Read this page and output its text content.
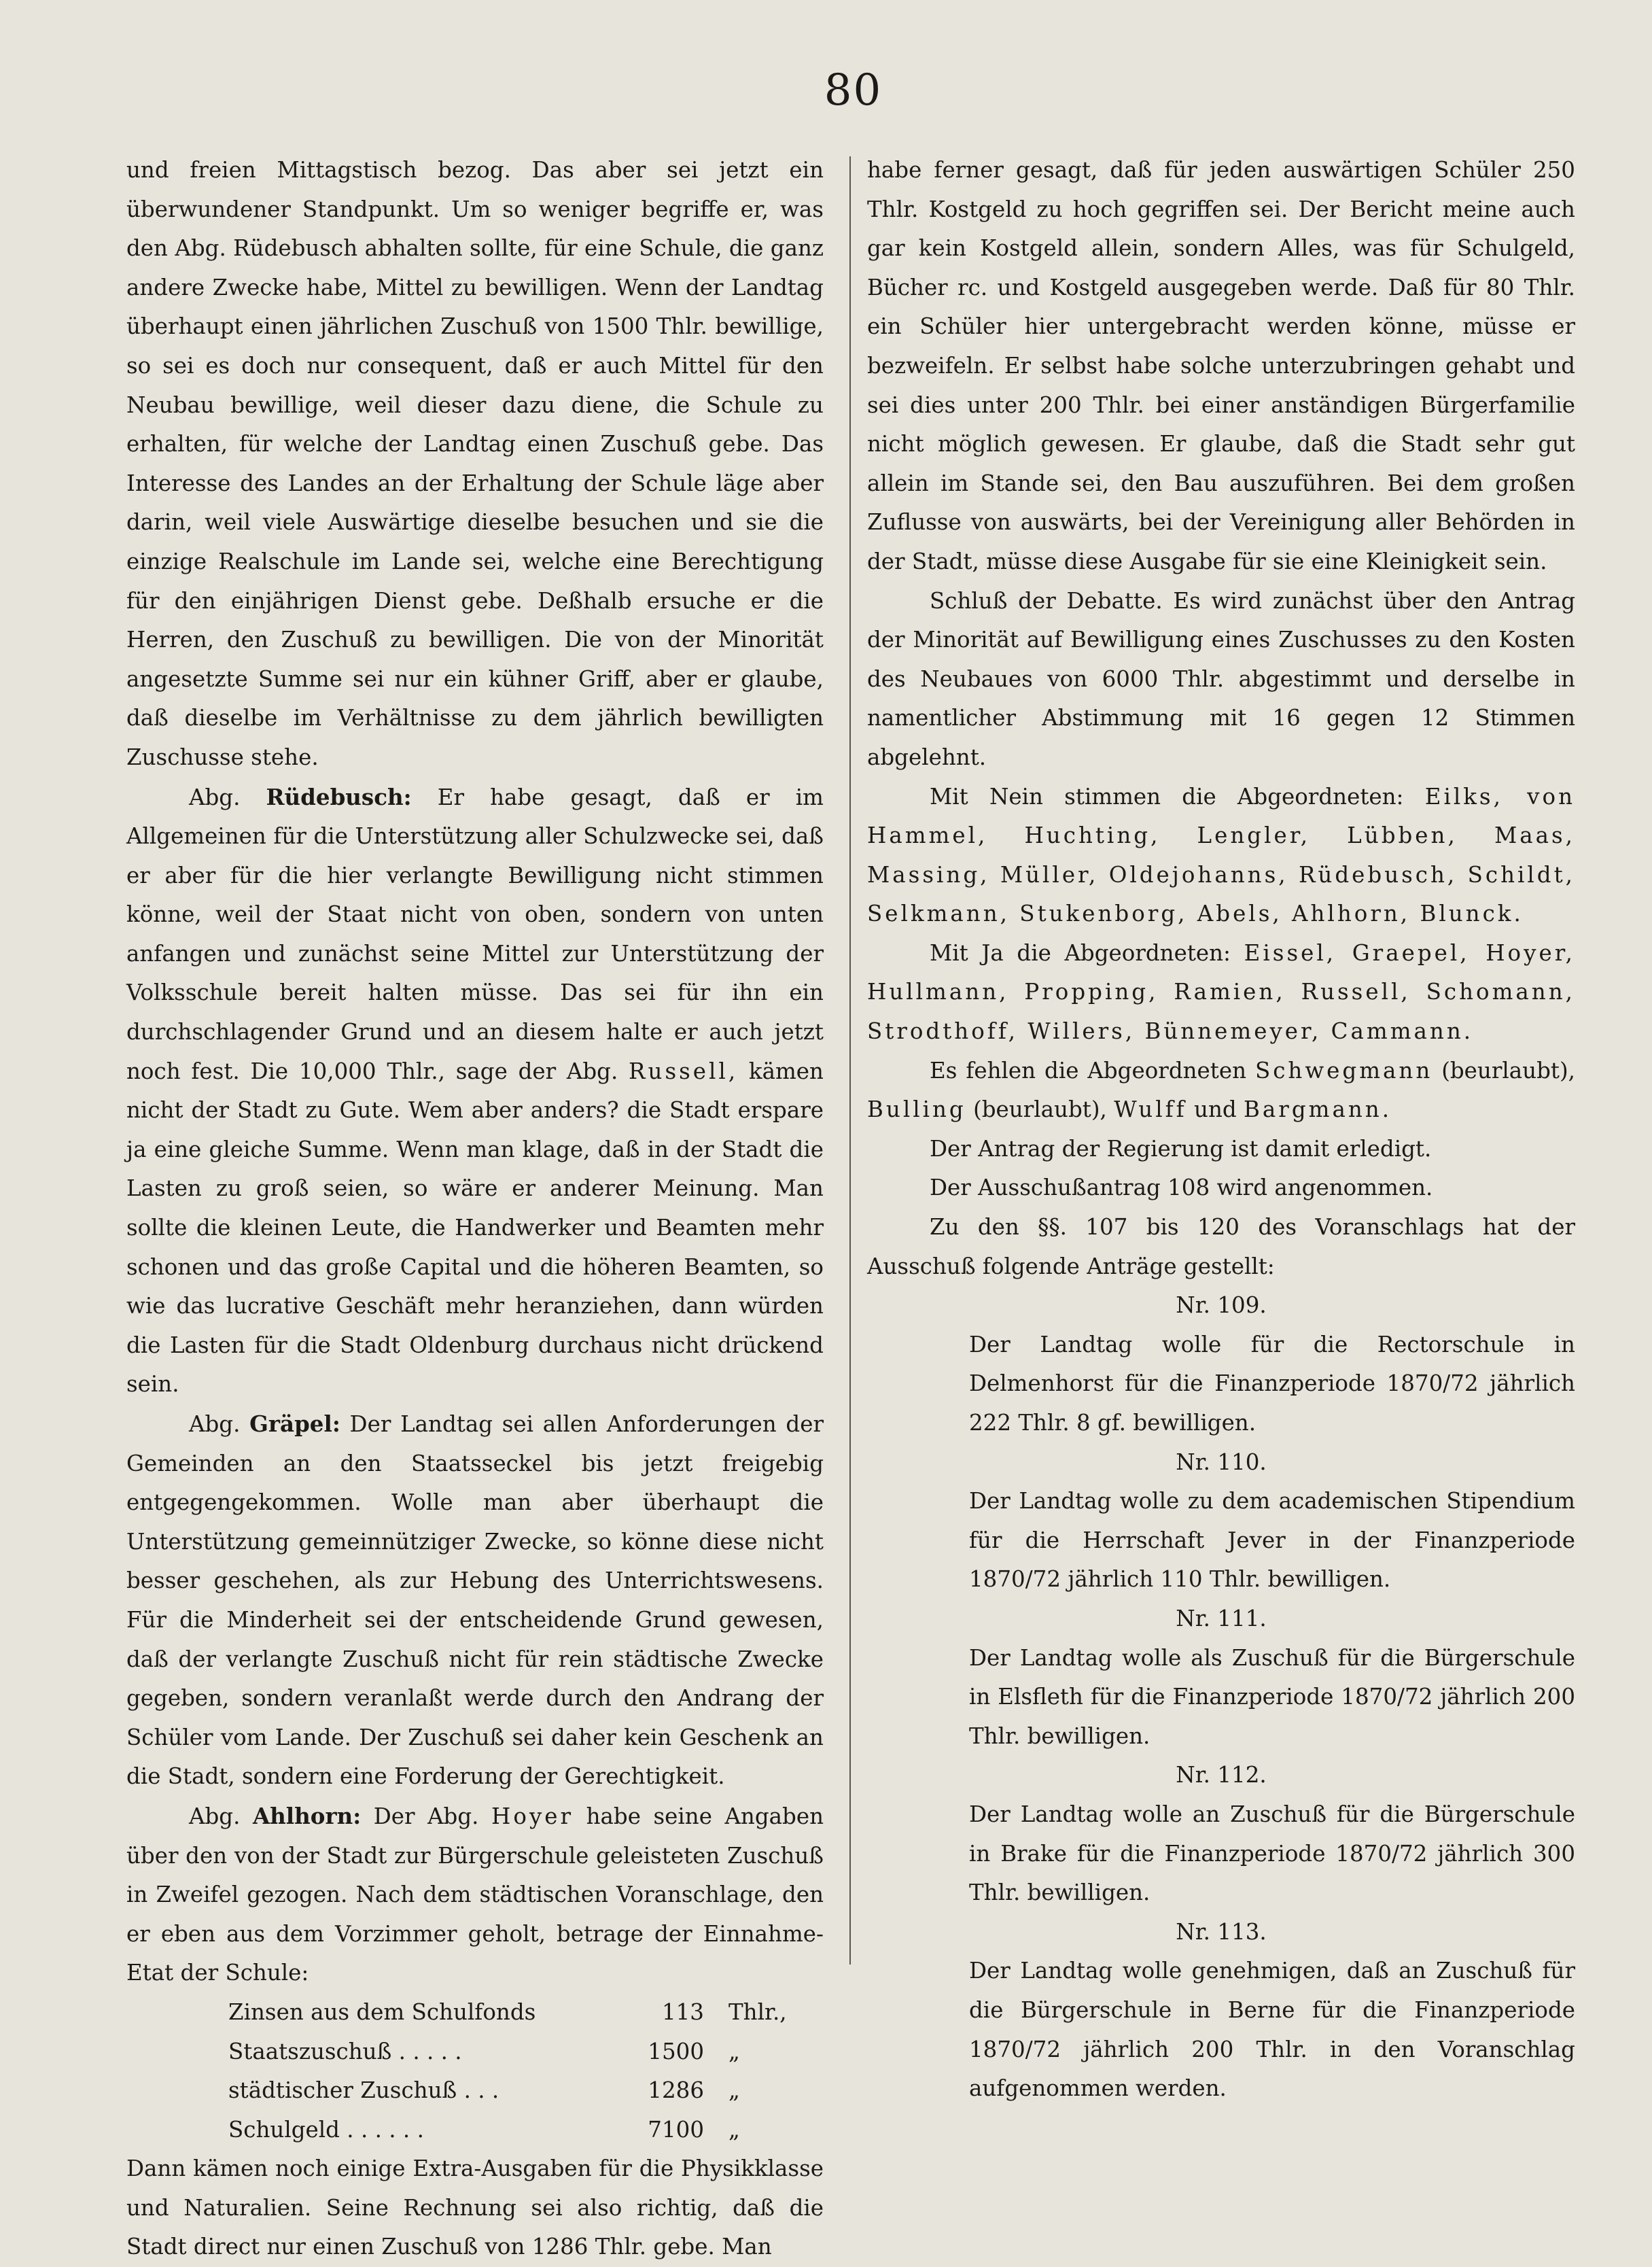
80

und freien Mittagstisch bezog. Das aber sei jetzt ein überwundener Standpunkt. Um so weniger begriffe er, was den Abg. Rüdebusch abhalten sollte, für eine Schule, die ganz andere Zwecke habe, Mittel zu bewilligen. Wenn der Landtag überhaupt einen jährlichen Zuschuß von 1500 Thlr. bewillige, so sei es doch nur consequent, daß er auch Mittel für den Neubau bewillige, weil dieser dazu diene, die Schule zu erhalten, für welche der Landtag einen Zuschuß gebe. Das Interesse des Landes an der Erhaltung der Schule läge aber darin, weil viele Auswärtige dieselbe besuchen und sie die einzige Realschule im Lande sei, welche eine Berechtigung für den einjährigen Dienst gebe. Deßhalb ersuche er die Herren, den Zuschuß zu bewilligen. Die von der Minorität angesetzte Summe sei nur ein kühner Griff, aber er glaube, daß dieselbe im Verhältnisse zu dem jährlich bewilligten Zuschusse stehe.

Abg. Rüdebusch: Er habe gesagt, daß er im Allgemeinen für die Unterstützung aller Schulzwecke sei, daß er aber für die hier verlangte Bewilligung nicht stimmen könne, weil der Staat nicht von oben, sondern von unten anfangen und zunächst seine Mittel zur Unterstützung der Volksschule bereit halten müsse. Das sei für ihn ein durchschlagender Grund und an diesem halte er auch jetzt noch fest. Die 10,000 Thlr., sage der Abg. Russell, kämen nicht der Stadt zu Gute. Wem aber anders? die Stadt erspare ja eine gleiche Summe. Wenn man klage, daß in der Stadt die Lasten zu groß seien, so wäre er anderer Meinung. Man sollte die kleinen Leute, die Handwerker und Beamten mehr schonen und das große Capital und die höheren Beamten, so wie das lucrative Geschäft mehr heranziehen, dann würden die Lasten für die Stadt Oldenburg durchaus nicht drückend sein.

Abg. Gräpel: Der Landtag sei allen Anforderungen der Gemeinden an den Staatsseckel bis jetzt freigebig entgegengekommen. Wolle man aber überhaupt die Unterstützung gemeinnütziger Zwecke, so könne diese nicht besser geschehen, als zur Hebung des Unterrichtswesens. Für die Minderheit sei der entscheidende Grund gewesen, daß der verlangte Zuschuß nicht für rein städtische Zwecke gegeben, sondern veranlaßt werde durch den Andrang der Schüler vom Lande. Der Zuschuß sei daher kein Geschenk an die Stadt, sondern eine Forderung der Gerechtigkeit.

Abg. Ahlhorn: Der Abg. Hoyer habe seine Angaben über den von der Stadt zur Bürgerschule geleisteten Zuschuß in Zweifel gezogen. Nach dem städtischen Voranschlage, den er eben aus dem Vorzimmer geholt, betrage der Einnahme-Etat der Schule:

Zinsen aus dem Schulfonds	113	Thlr.,
Staatszuschuß . . . . .	1500	„
städtischer Zuschuß . . .	1286	„
Schulgeld . . . . . .	7100	„

Dann kämen noch einige Extra-Ausgaben für die Physikklasse und Naturalien. Seine Rechnung sei also richtig, daß die Stadt direct nur einen Zuschuß von 1286 Thlr. gebe. Man

habe ferner gesagt, daß für jeden auswärtigen Schüler 250 Thlr. Kostgeld zu hoch gegriffen sei. Der Bericht meine auch gar kein Kostgeld allein, sondern Alles, was für Schulgeld, Bücher rc. und Kostgeld ausgegeben werde. Daß für 80 Thlr. ein Schüler hier untergebracht werden könne, müsse er bezweifeln. Er selbst habe solche unterzubringen gehabt und sei dies unter 200 Thlr. bei einer anständigen Bürgerfamilie nicht möglich gewesen. Er glaube, daß die Stadt sehr gut allein im Stande sei, den Bau auszuführen. Bei dem großen Zuflusse von auswärts, bei der Vereinigung aller Behörden in der Stadt, müsse diese Ausgabe für sie eine Kleinigkeit sein.

Schluß der Debatte. Es wird zunächst über den Antrag der Minorität auf Bewilligung eines Zuschusses zu den Kosten des Neubaues von 6000 Thlr. abgestimmt und derselbe in namentlicher Abstimmung mit 16 gegen 12 Stimmen abgelehnt.

Mit Nein stimmen die Abgeordneten: Eilks, von Hammel, Huchting, Lengler, Lübben, Maas, Massing, Müller, Oldejohanns, Rüdebusch, Schildt, Selkmann, Stukenborg, Abels, Ahlhorn, Blunck.

Mit Ja die Abgeordneten: Eissel, Graepel, Hoyer, Hullmann, Propping, Ramien, Russell, Schomann, Strodthoff, Willers, Bünnemeyer, Cammann.

Es fehlen die Abgeordneten Schwegmann (beurlaubt), Bulling (beurlaubt), Wulff und Bargmann.

Der Antrag der Regierung ist damit erledigt.

Der Ausschußantrag 108 wird angenommen.

Zu den §§. 107 bis 120 des Voranschlags hat der Ausschuß folgende Anträge gestellt:

Nr. 109.

Der Landtag wolle für die Rectorschule in Delmenhorst für die Finanzperiode 1870/72 jährlich 222 Thlr. 8 gf. bewilligen.

Nr. 110.

Der Landtag wolle zu dem academischen Stipendium für die Herrschaft Jever in der Finanzperiode 1870/72 jährlich 110 Thlr. bewilligen.

Nr. 111.

Der Landtag wolle als Zuschuß für die Bürgerschule in Elsfleth für die Finanzperiode 1870/72 jährlich 200 Thlr. bewilligen.

Nr. 112.

Der Landtag wolle an Zuschuß für die Bürgerschule in Brake für die Finanzperiode 1870/72 jährlich 300 Thlr. bewilligen.

Nr. 113.

Der Landtag wolle genehmigen, daß an Zuschuß für die Bürgerschule in Berne für die Finanzperiode 1870/72 jährlich 200 Thlr. in den Voranschlag aufgenommen werden.
